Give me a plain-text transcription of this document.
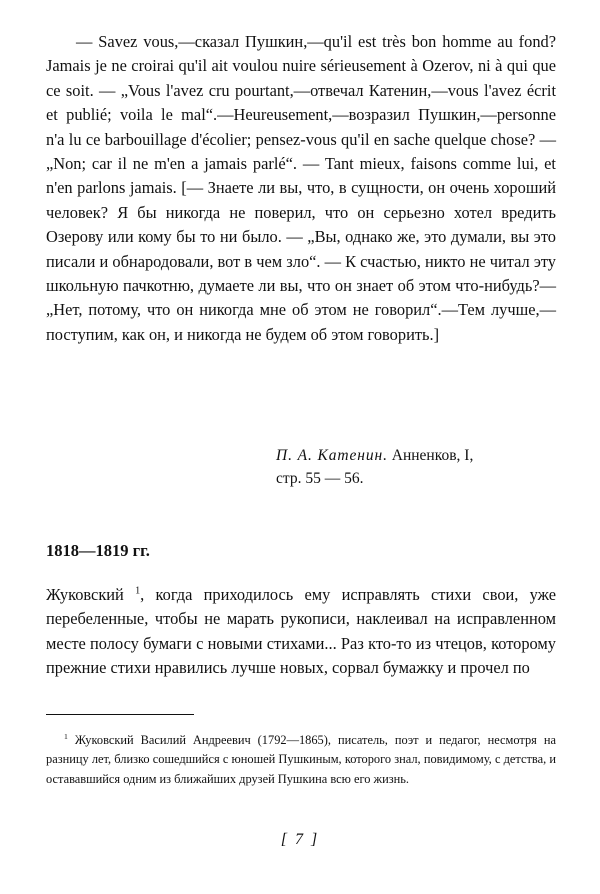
— Savez vous,—сказал Пушкин,—qu'il est très bon homme au fond? Jamais je ne croirai qu'il ait voulou nuire sérieusement à Ozerov, ni à qui que ce soit. — „Vous l'avez cru pourtant,—отвечал Катенин,—vous l'avez écrit et publié; voila le mal“.—Heureusement,—возразил Пушкин,—personne n'a lu ce barbouillage d'écolier; pensez-vous qu'il en sache quelque chose? — „Non; car il ne m'en a jamais parlé“. — Tant mieux, faisons comme lui, et n'en parlons jamais. [— Знаете ли вы, что, в сущности, он очень хороший человек? Я бы никогда не поверил, что он серьезно хотел вредить Озерову или кому бы то ни было. — „Вы, однако же, это думали, вы это писали и обнародовали, вот в чем зло“. — К счастью, никто не читал эту школьную пачкотню, думаете ли вы, что он знает об этом что-нибудь?—„Нет, потому, что он никогда мне об этом не говорил“.—Тем лучше,—поступим, как он, и никогда не будем об этом говорить.]

П. А. Катенин. Анненков, I,
стр. 55 — 56.
1818—1819 гг.

Жуковский $^1$, когда приходилось ему исправлять стихи свои, уже перебеленные, чтобы не марать рукописи, наклеивал на исправленном месте полосу бумаги с новыми стихами... Раз кто-то из чтецов, которому прежние стихи нравились лучше новых, сорвал бумажку и прочел по

$^1$ Жуковский Василий Андреевич (1792—1865), писатель, поэт и педагог, несмотря на разницу лет, близко сошедшийся с юношей Пушкиным, которого знал, повидимому, с детства, и остававшийся одним из ближайших друзей Пушкина всю его жизнь.

[ 7 ]
